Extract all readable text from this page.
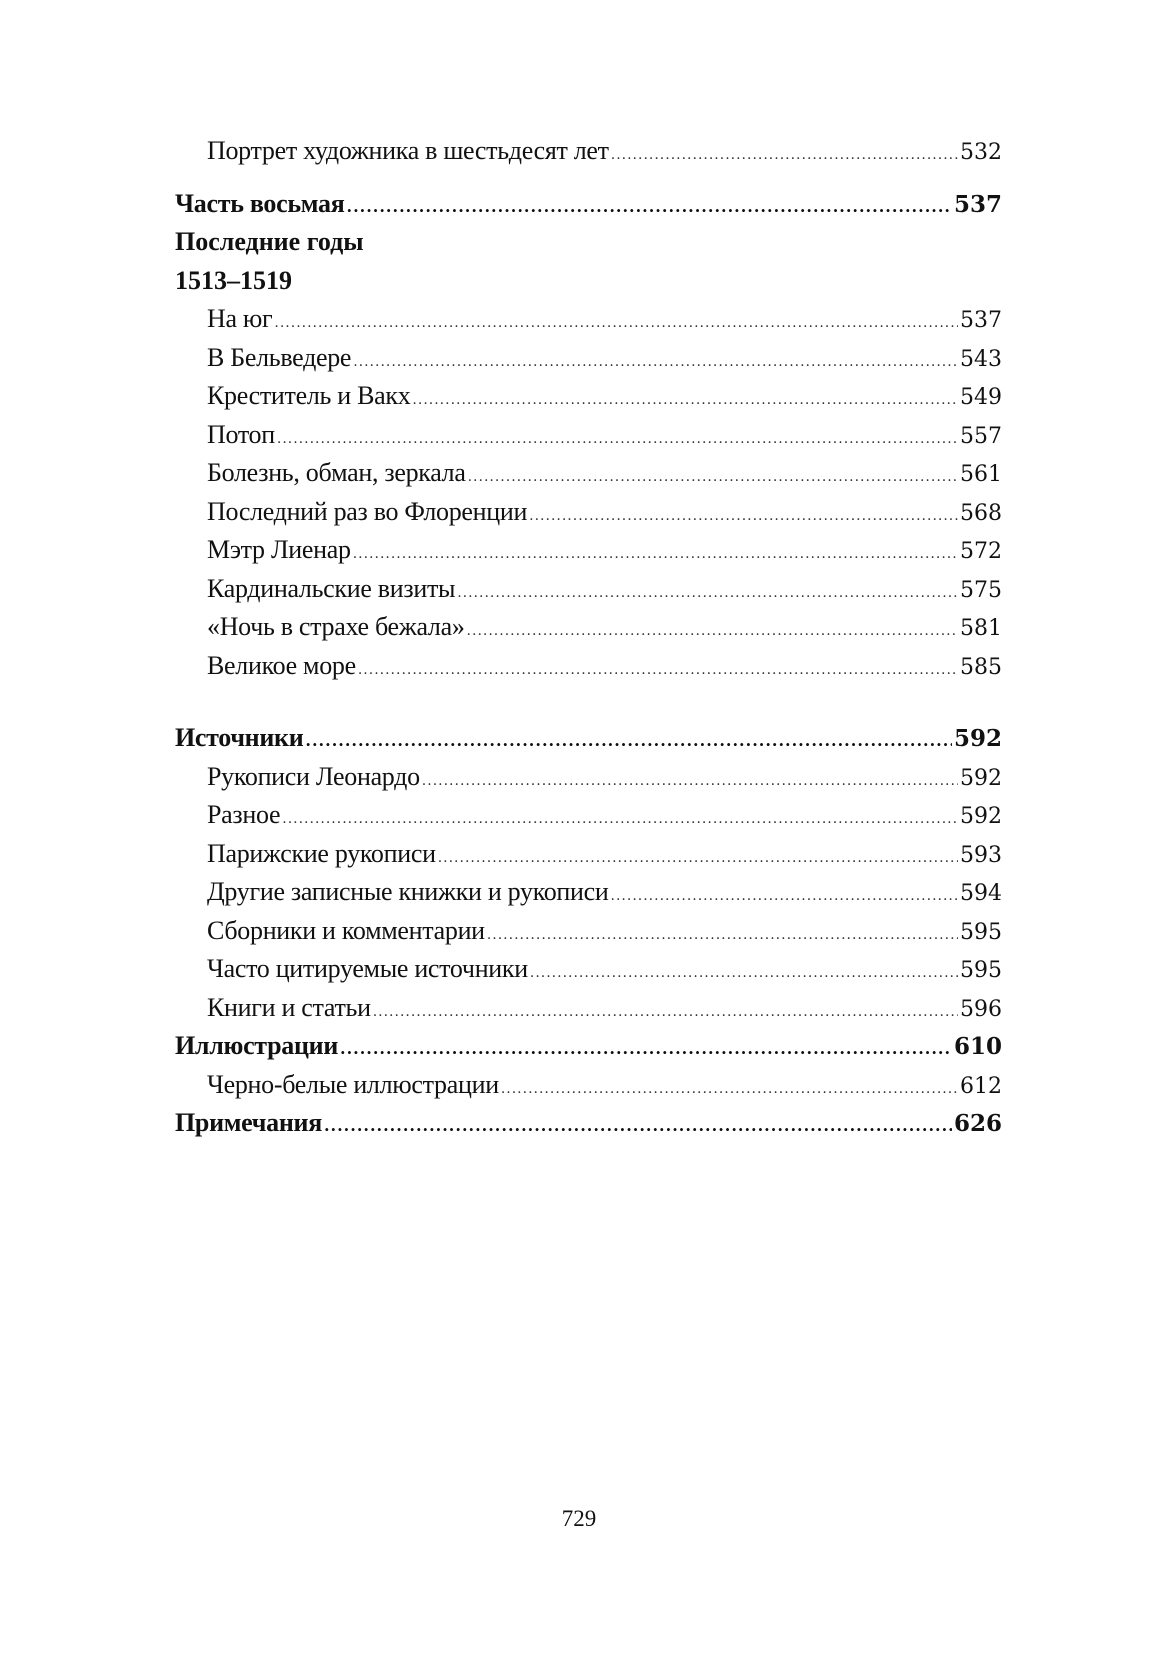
Портрет художника в шестьдесят лет .....	532
Часть восьмая .....	537
Последние годы
1513–1519
На юг .....	537
В Бельведере .....	543
Креститель и Вакх .....	549
Потоп .....	557
Болезнь, обман, зеркала .....	561
Последний раз во Флоренции .....	568
Мэтр Лиенар .....	572
Кардинальские визиты .....	575
«Ночь в страхе бежала» .....	581
Великое море .....	585
Источники .....	592
Рукописи Леонардо .....	592
Разное .....	592
Парижские рукописи .....	593
Другие записные книжки и рукописи .....	594
Сборники и комментарии .....	595
Часто цитируемые источники .....	595
Книги и статьи .....	596
Иллюстрации .....	610
Черно-белые иллюстрации .....	612
Примечания .....	626
729
